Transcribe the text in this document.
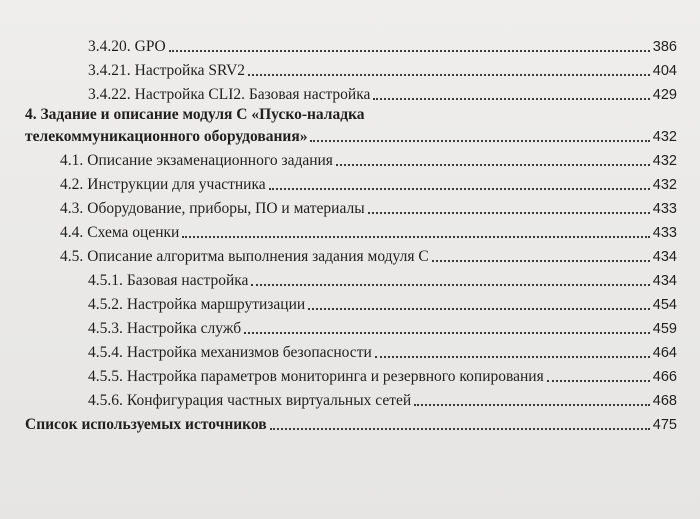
3.4.20. GPO	386
3.4.21. Настройка SRV2	404
3.4.22. Настройка CLI2. Базовая настройка	429
4. Задание и описание модуля С «Пуско-наладка
телекоммуникационного оборудования»	432
4.1. Описание экзаменационного задания	432
4.2. Инструкции для участника	432
4.3. Оборудование, приборы, ПО и материалы	433
4.4. Схема оценки	433
4.5. Описание алгоритма выполнения задания модуля С	434
4.5.1. Базовая настройка	434
4.5.2. Настройка маршрутизации	454
4.5.3. Настройка служб	459
4.5.4. Настройка механизмов безопасности	464
4.5.5. Настройка параметров мониторинга и резервного копирования	466
4.5.6. Конфигурация частных виртуальных сетей	468
Список используемых источников	475
